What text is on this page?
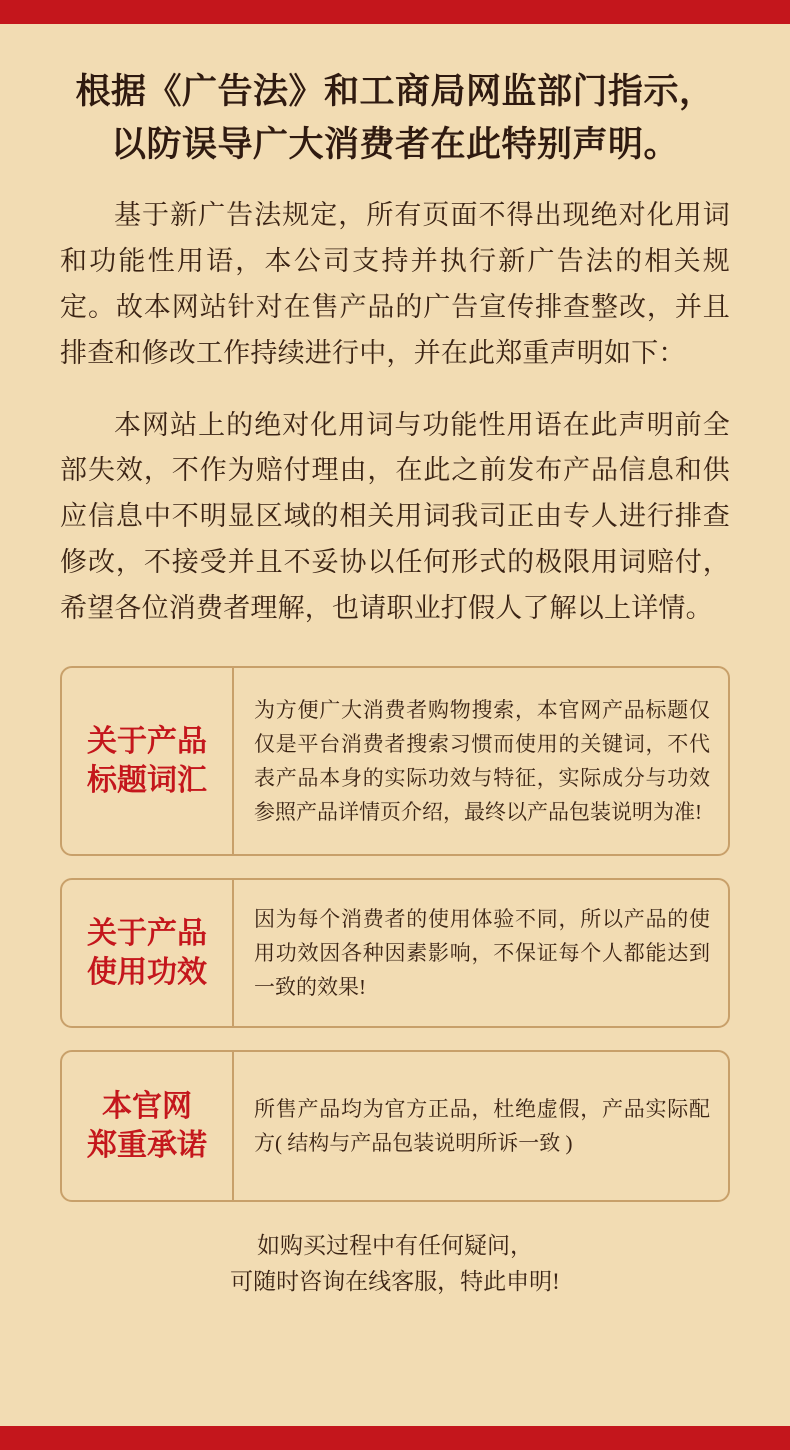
根据《广告法》和工商局网监部门指示，
以防误导广大消费者在此特别声明。

基于新广告法规定，所有页面不得出现绝对化用词和功能性用语，本公司支持并执行新广告法的相关规定。故本网站针对在售产品的广告宣传排查整改，并且排查和修改工作持续进行中，并在此郑重声明如下：

本网站上的绝对化用词与功能性用语在此声明前全部失效，不作为赔付理由，在此之前发布产品信息和供应信息中不明显区域的相关用词我司正由专人进行排查修改，不接受并且不妥协以任何形式的极限用词赔付，希望各位消费者理解，也请职业打假人了解以上详情。

关于产品
标题词汇

为方便广大消费者购物搜索，本官网产品标题仅仅是平台消费者搜索习惯而使用的关键词，不代表产品本身的实际功效与特征，实际成分与功效参照产品详情页介绍，最终以产品包装说明为准!

关于产品
使用功效

因为每个消费者的使用体验不同，所以产品的使用功效因各种因素影响，不保证每个人都能达到一致的效果!

本官网
郑重承诺

所售产品均为官方正品，杜绝虚假，产品实际配方( 结构与产品包装说明所诉一致 )

如购买过程中有任何疑问，
可随时咨询在线客服，特此申明!
